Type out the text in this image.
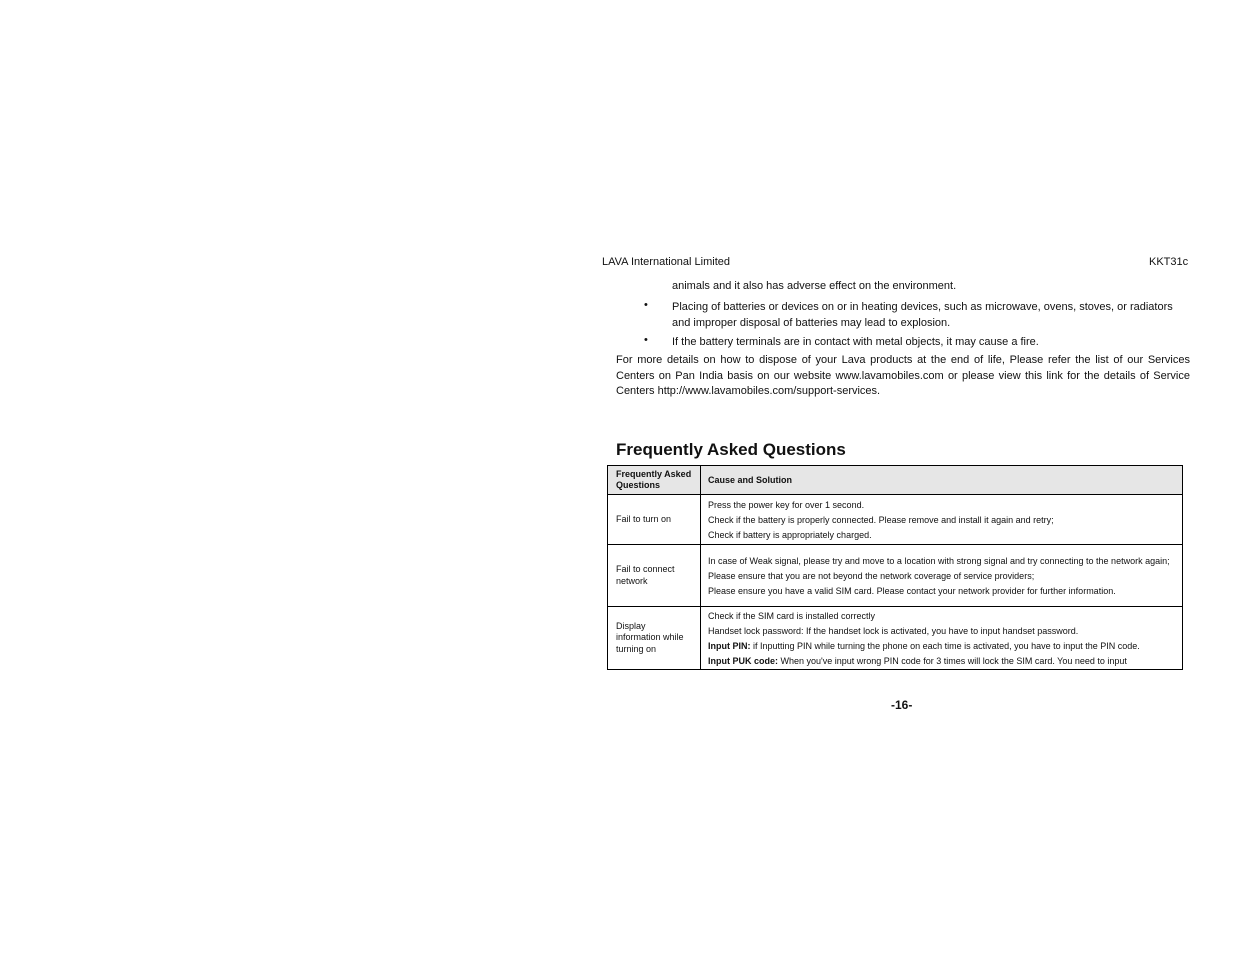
LAVA International Limited	KKT31c
animals and it also has adverse effect on the environment.
• Placing of batteries or devices on or in heating devices, such as microwave, ovens, stoves, or radiators and improper disposal of batteries may lead to explosion.
• If the battery terminals are in contact with metal objects, it may cause a fire.
For more details on how to dispose of your Lava products at the end of life, Please refer the list of our Services Centers on Pan India basis on our website www.lavamobiles.com or please view this link for the details of Service Centers http://www.lavamobiles.com/support-services.
Frequently Asked Questions
Frequently Asked Questions	Cause and Solution
Fail to turn on	Press the power key for over 1 second.
Check if the battery is properly connected. Please remove and install it again and retry;
Check if battery is appropriately charged.

Fail to connect network	In case of Weak signal, please try and move to a location with strong signal and try connecting to the network again;
Please ensure that you are not beyond the network coverage of service providers;
Please ensure you have a valid SIM card. Please contact your network provider for further information.

Display information while turning on	Check if the SIM card is installed correctly
Handset lock password: If the handset lock is activated, you have to input handset password.
Input PIN: if Inputting PIN while turning the phone on each time is activated, you have to input the PIN code.
Input PUK code: When you've input wrong PIN code for 3 times will lock the SIM card. You need to input
-16-
